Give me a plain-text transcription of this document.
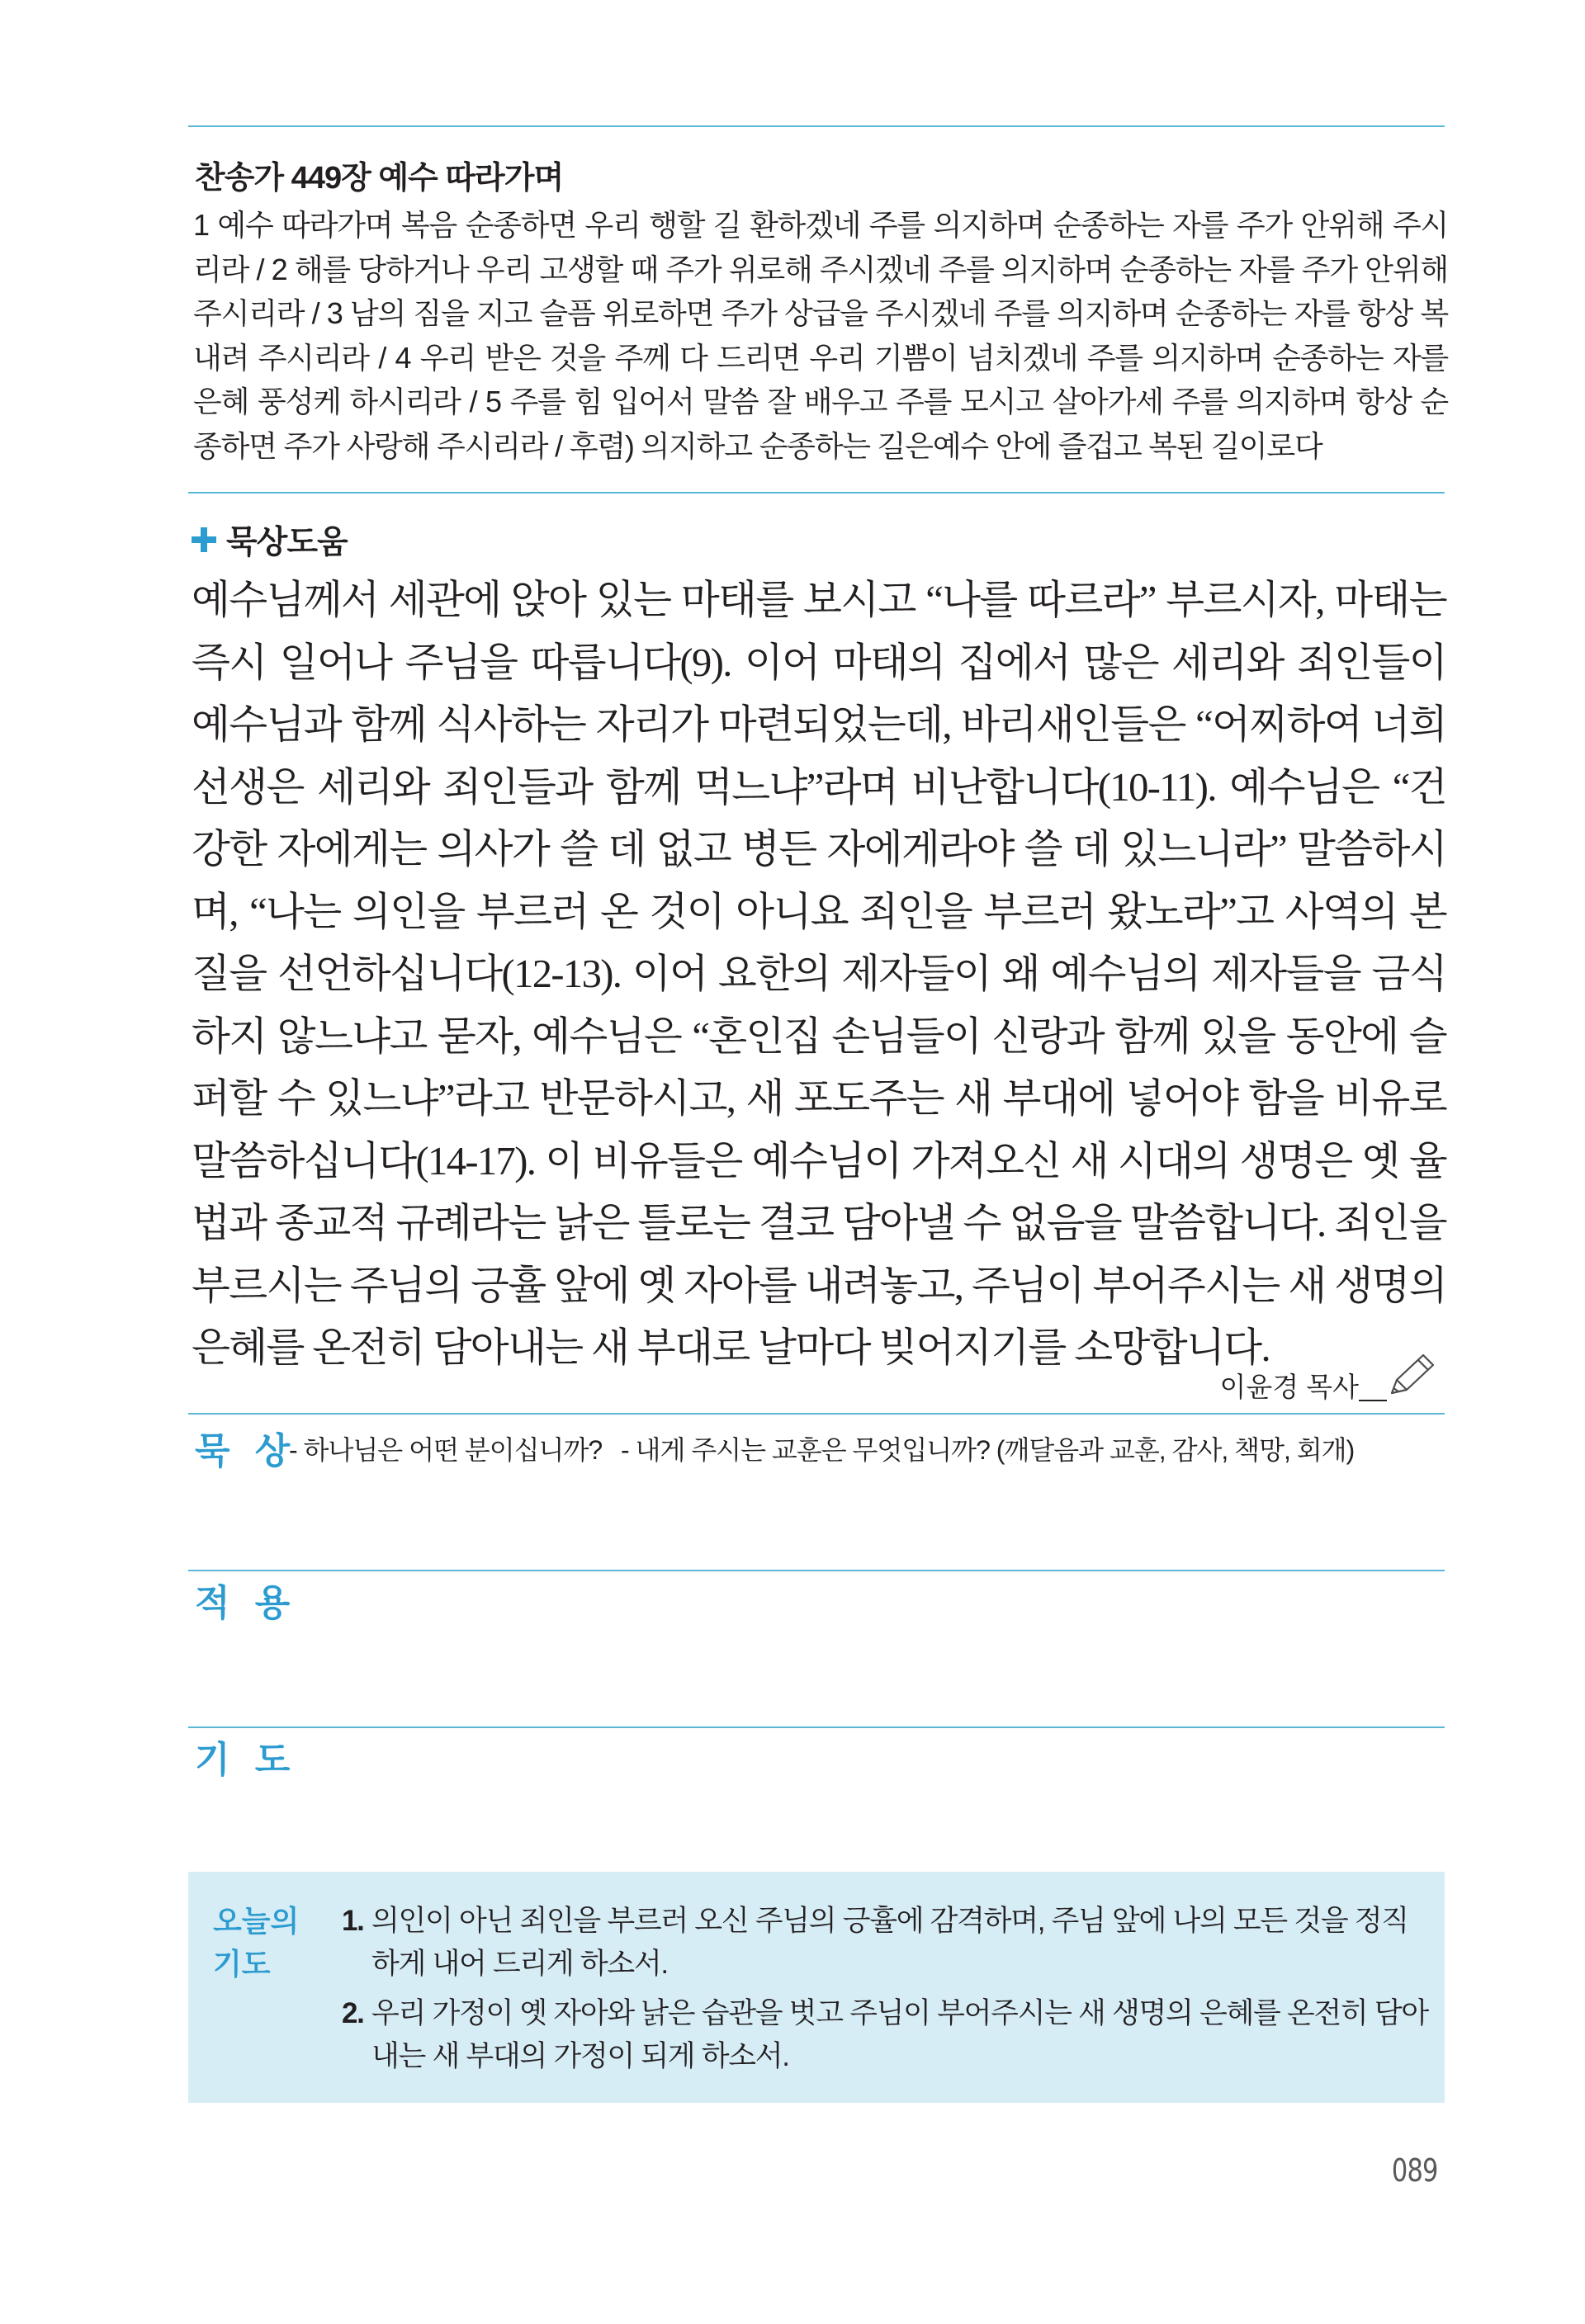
찬송가 449장 예수 따라가며
1 예수 따라가며 복음 순종하면 우리 행할 길 환하겠네 주를 의지하며 순종하는 자를 주가 안위해 주시리라 / 2 해를 당하거나 우리 고생할 때 주가 위로해 주시겠네 주를 의지하며 순종하는 자를 주가 안위해 주시리라 / 3 남의 짐을 지고 슬픔 위로하면 주가 상급을 주시겠네 주를 의지하며 순종하는 자를 항상 복 내려 주시리라 / 4 우리 받은 것을 주께 다 드리면 우리 기쁨이 넘치겠네 주를 의지하며 순종하는 자를 은혜 풍성케 하시리라 / 5 주를 힘 입어서 말씀 잘 배우고 주를 모시고 살아가세 주를 의지하며 항상 순종하면 주가 사랑해 주시리라 / 후렴) 의지하고 순종하는 길은예수 안에 즐겁고 복된 길이로다
묵상도움
예수님께서 세관에 앉아 있는 마태를 보시고 “나를 따르라” 부르시자, 마태는 즉시 일어나 주님을 따릅니다(9). 이어 마태의 집에서 많은 세리와 죄인들이 예수님과 함께 식사하는 자리가 마련되었는데, 바리새인들은 “어찌하여 너희 선생은 세리와 죄인들과 함께 먹느냐”라며 비난합니다(10-11). 예수님은 “건강한 자에게는 의사가 쓸 데 없고 병든 자에게라야 쓸 데 있느니라” 말씀하시며, “나는 의인을 부르러 온 것이 아니요 죄인을 부르러 왔노라”고 사역의 본질을 선언하십니다(12-13). 이어 요한의 제자들이 왜 예수님의 제자들을 금식하지 않느냐고 묻자, 예수님은 “혼인집 손님들이 신랑과 함께 있을 동안에 슬퍼할 수 있느냐”라고 반문하시고, 새 포도주는 새 부대에 넣어야 함을 비유로 말씀하십니다(14-17). 이 비유들은 예수님이 가져오신 새 시대의 생명은 옛 율법과 종교적 규례라는 낡은 틀로는 결코 담아낼 수 없음을 말씀합니다. 죄인을 부르시는 주님의 긍휼 앞에 옛 자아를 내려놓고, 주님이 부어주시는 새 생명의 은혜를 온전히 담아내는 새 부대로 날마다 빚어지기를 소망합니다.
이윤경 목사
묵 상
- 하나님은 어떤 분이십니까? - 내게 주시는 교훈은 무엇입니까? (깨달음과 교훈, 감사, 책망, 회개)
적 용
기 도
오늘의
기도
1. 의인이 아닌 죄인을 부르러 오신 주님의 긍휼에 감격하며, 주님 앞에 나의 모든 것을 정직하게 내어 드리게 하소서.
2. 우리 가정이 옛 자아와 낡은 습관을 벗고 주님이 부어주시는 새 생명의 은혜를 온전히 담아내는 새 부대의 가정이 되게 하소서.
089
